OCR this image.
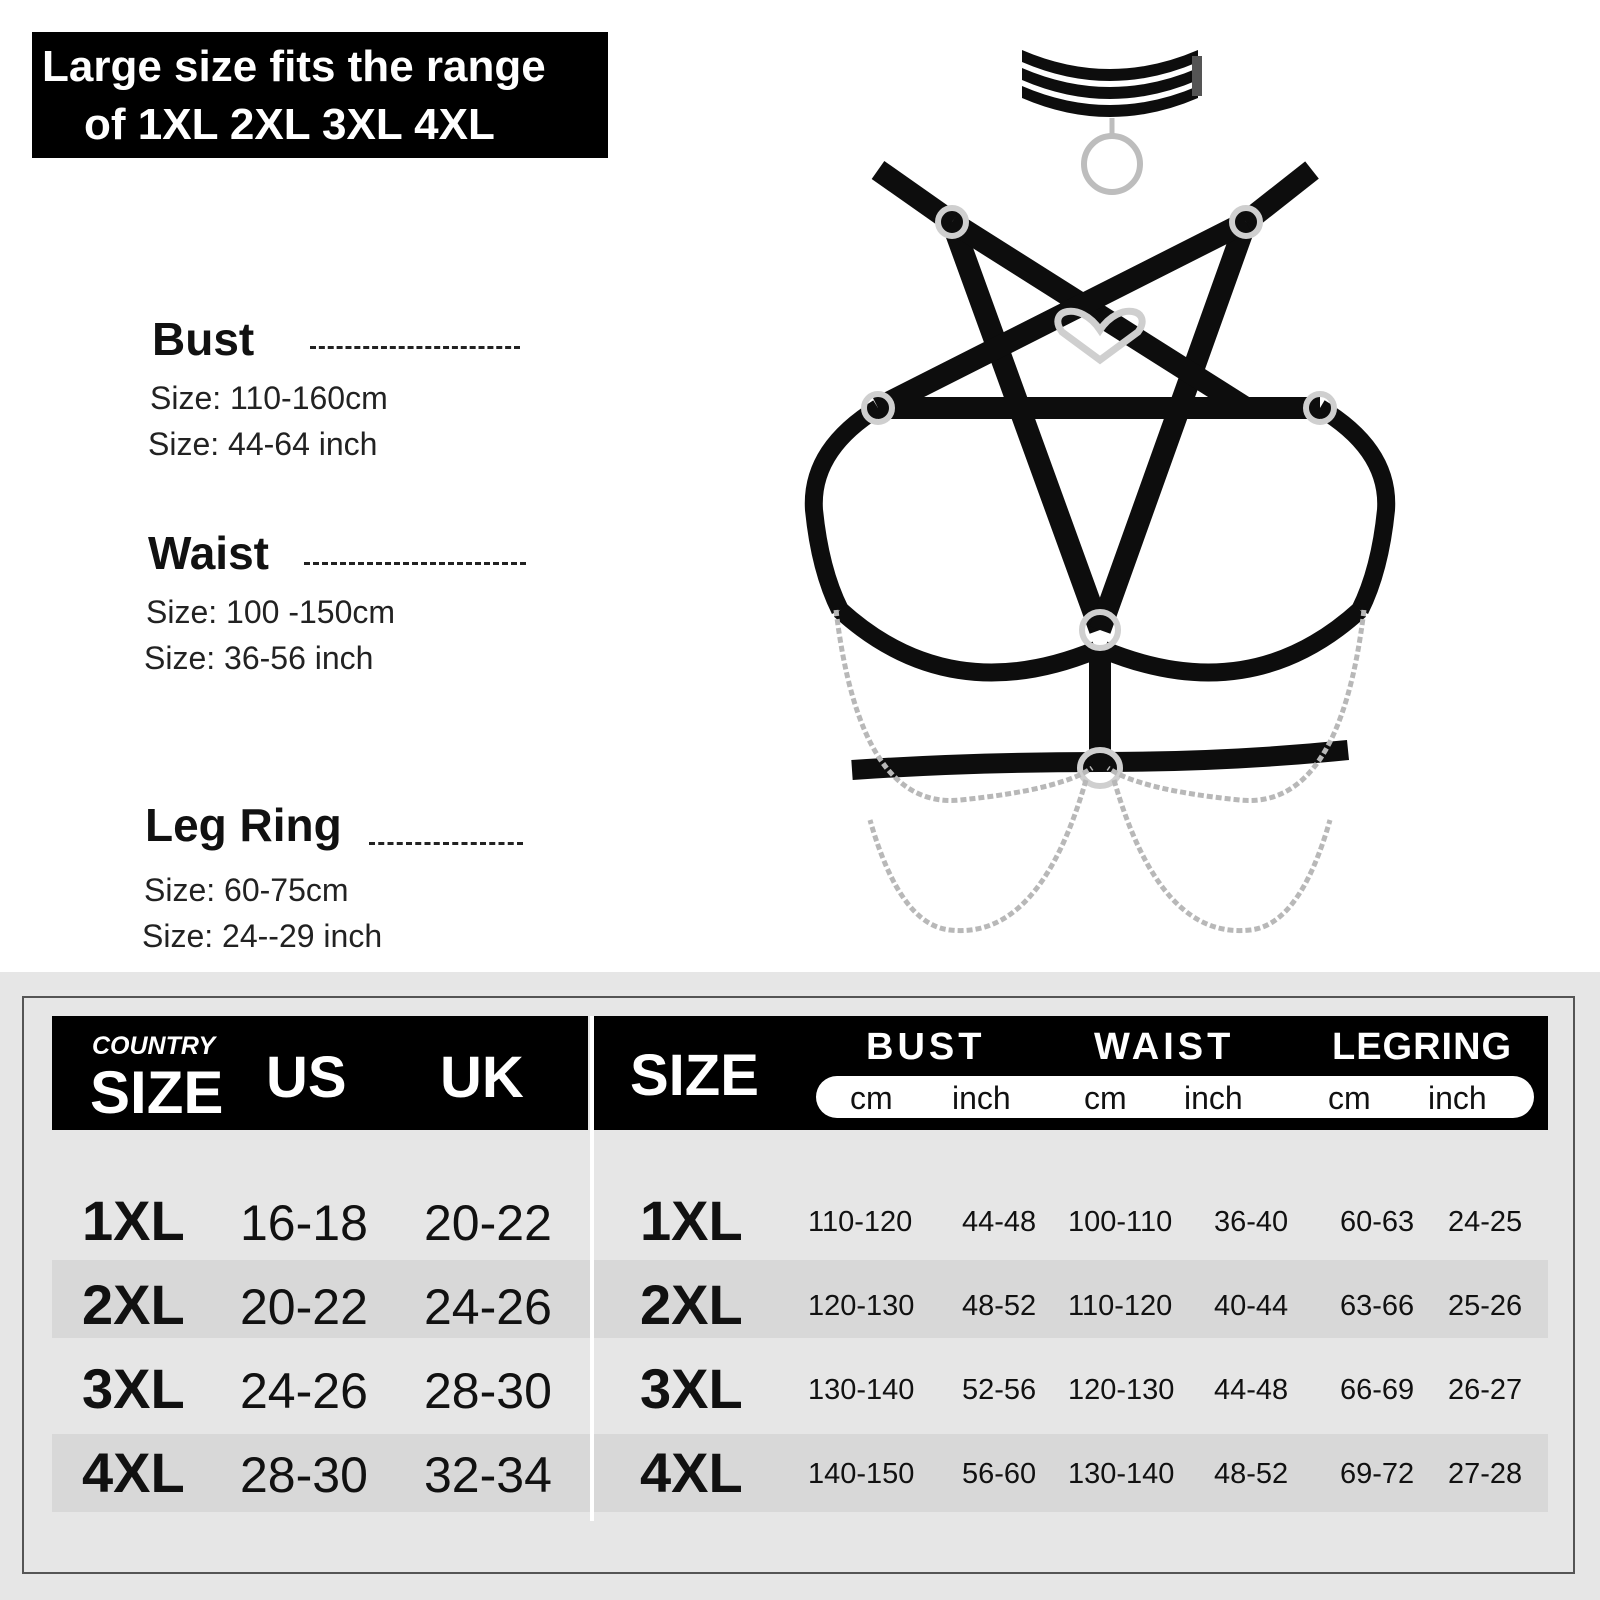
Large size fits the range
of 1XL 2XL 3XL 4XL
Bust
Size: 110-160cm
Size: 44-64 inch
Waist
Size: 100 -150cm
Size: 36-56 inch
Leg Ring
Size: 60-75cm
Size: 24--29 inch
COUNTRY
SIZE US UK SIZE	BUST	WAIST	LEGRING
cm inch cm inch	cm inch
1XL 16-18 20-22 1XL 110-120 44-48 100-110 36-40 60-63 24-25
2XL 20-22 24-26 2XL 120-130 48-52 110-120 40-44 63-66 25-26
3XL 24-26 28-30 3XL 130-140 52-56 120-130 44-48 66-69 26-27
4XL 28-30 32-34 4XL 140-150 56-60 130-140 48-52 69-72 27-28
